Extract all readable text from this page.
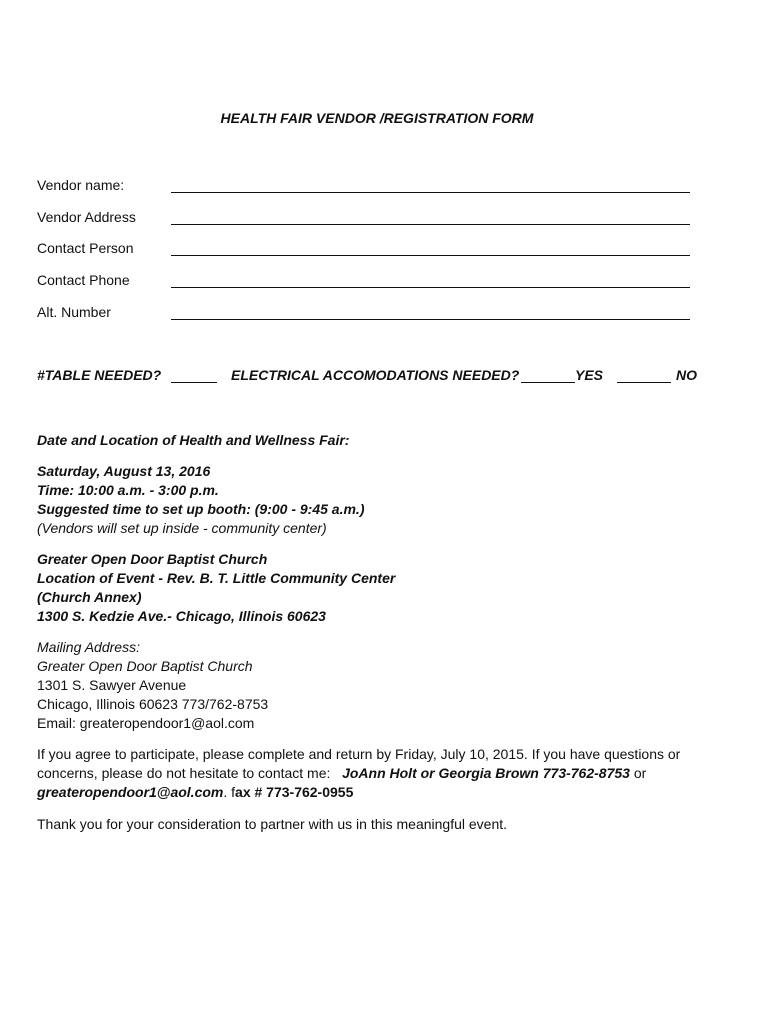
HEALTH FAIR VENDOR /REGISTRATION FORM
Vendor name:
Vendor Address
Contact Person
Contact Phone
Alt. Number
#TABLE NEEDED?	ELECTRICAL ACCOMODATIONS NEEDED?	YES	NO
Date and Location of Health and Wellness Fair:
Saturday, August 13, 2016
Time: 10:00 a.m. - 3:00 p.m.
Suggested time to set up booth: (9:00 - 9:45 a.m.)
(Vendors will set up inside - community center)
Greater Open Door Baptist Church
Location of Event - Rev. B. T. Little Community Center
(Church Annex)
1300 S. Kedzie Ave.- Chicago, Illinois 60623
Mailing Address:
Greater Open Door Baptist Church
1301 S. Sawyer Avenue
Chicago, Illinois 60623 773/762-8753
Email: greateropendoor1@aol.com
If you agree to participate, please complete and return by Friday, July 10, 2015. If you have questions or
concerns, please do not hesitate to contact me: JoAnn Holt or Georgia Brown 773-762-8753 or
greateropendoor1@aol.com. fax # 773-762-0955
Thank you for your consideration to partner with us in this meaningful event.
